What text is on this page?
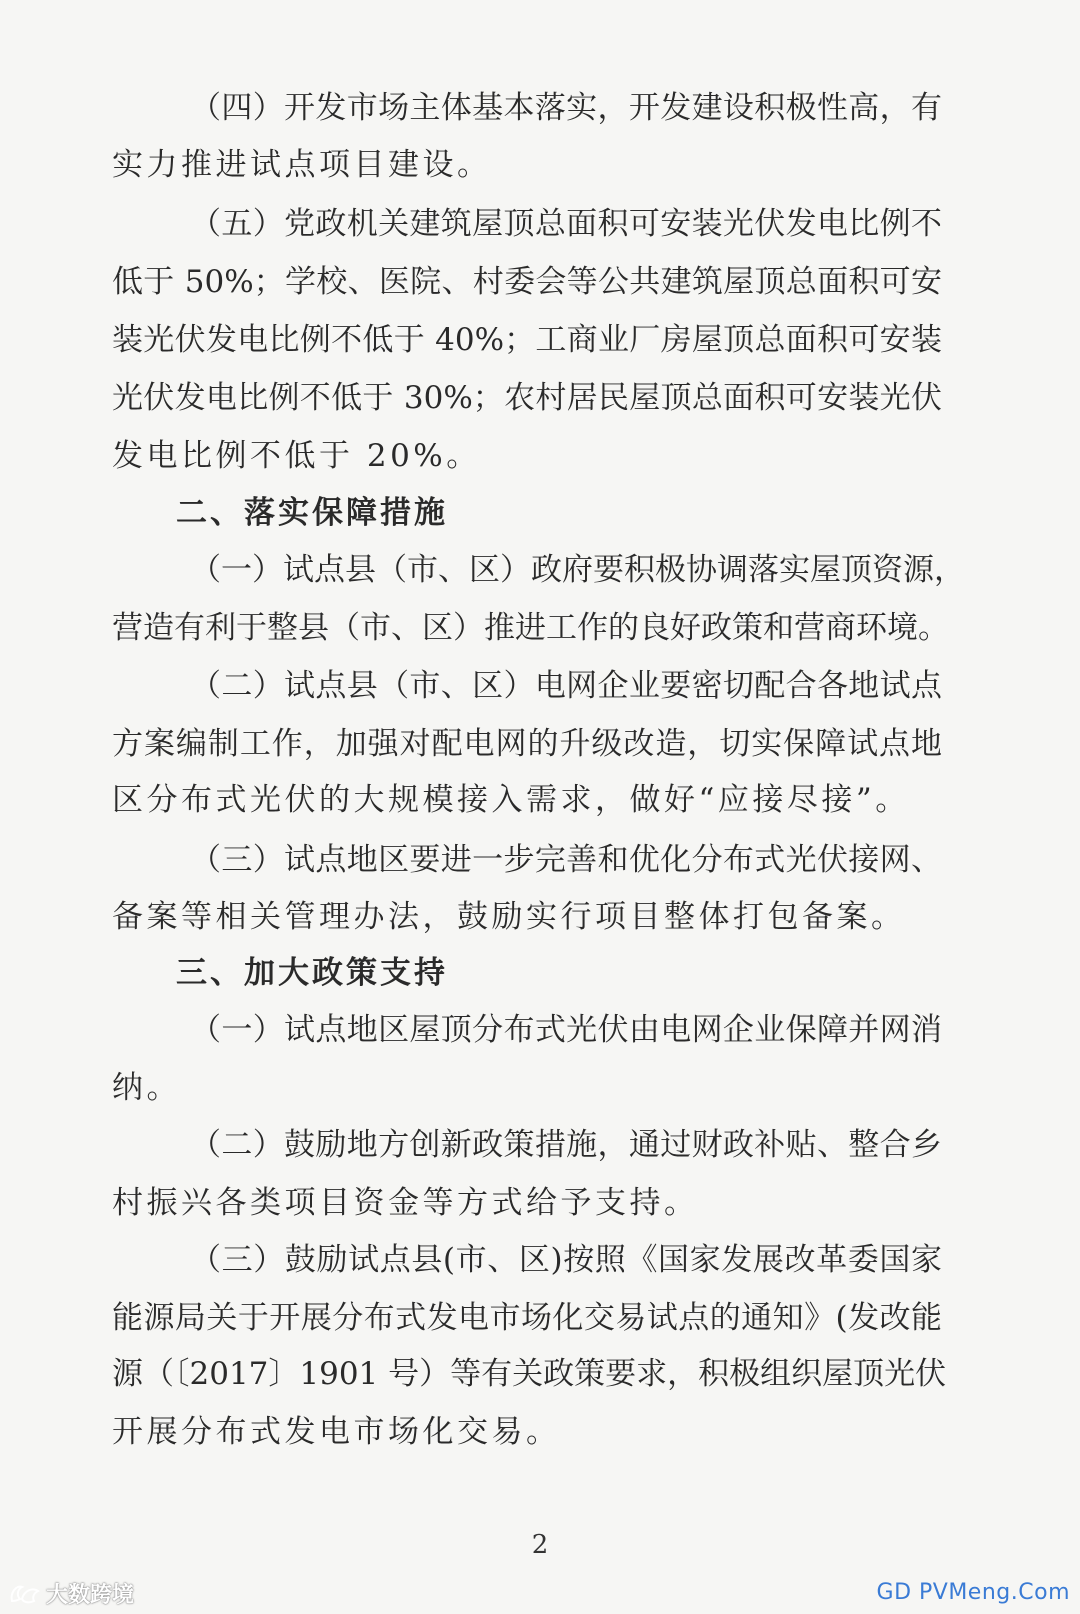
（四）开发市场主体基本落实，开发建设积极性高，有
实力推进试点项目建设。
（五）党政机关建筑屋顶总面积可安装光伏发电比例不
低于 50%；学校、医院、村委会等公共建筑屋顶总面积可安
装光伏发电比例不低于 40%；工商业厂房屋顶总面积可安装
光伏发电比例不低于 30%；农村居民屋顶总面积可安装光伏
发电比例不低于 20%。
二、落实保障措施
（一）试点县（市、区）政府要积极协调落实屋顶资源，
营造有利于整县（市、区）推进工作的良好政策和营商环境。
（二）试点县（市、区）电网企业要密切配合各地试点
方案编制工作，加强对配电网的升级改造，切实保障试点地
区分布式光伏的大规模接入需求，做好“应接尽接”。
（三）试点地区要进一步完善和优化分布式光伏接网、
备案等相关管理办法，鼓励实行项目整体打包备案。
三、加大政策支持
（一）试点地区屋顶分布式光伏由电网企业保障并网消
纳。
（二）鼓励地方创新政策措施，通过财政补贴、整合乡
村振兴各类项目资金等方式给予支持。
（三）鼓励试点县(市、区)按照《国家发展改革委国家
能源局关于开展分布式发电市场化交易试点的通知》(发改能
源（〔2017〕1901 号）等有关政策要求，积极组织屋顶光伏
开展分布式发电市场化交易。
2
大数跨境	GD PVMeng.Com
